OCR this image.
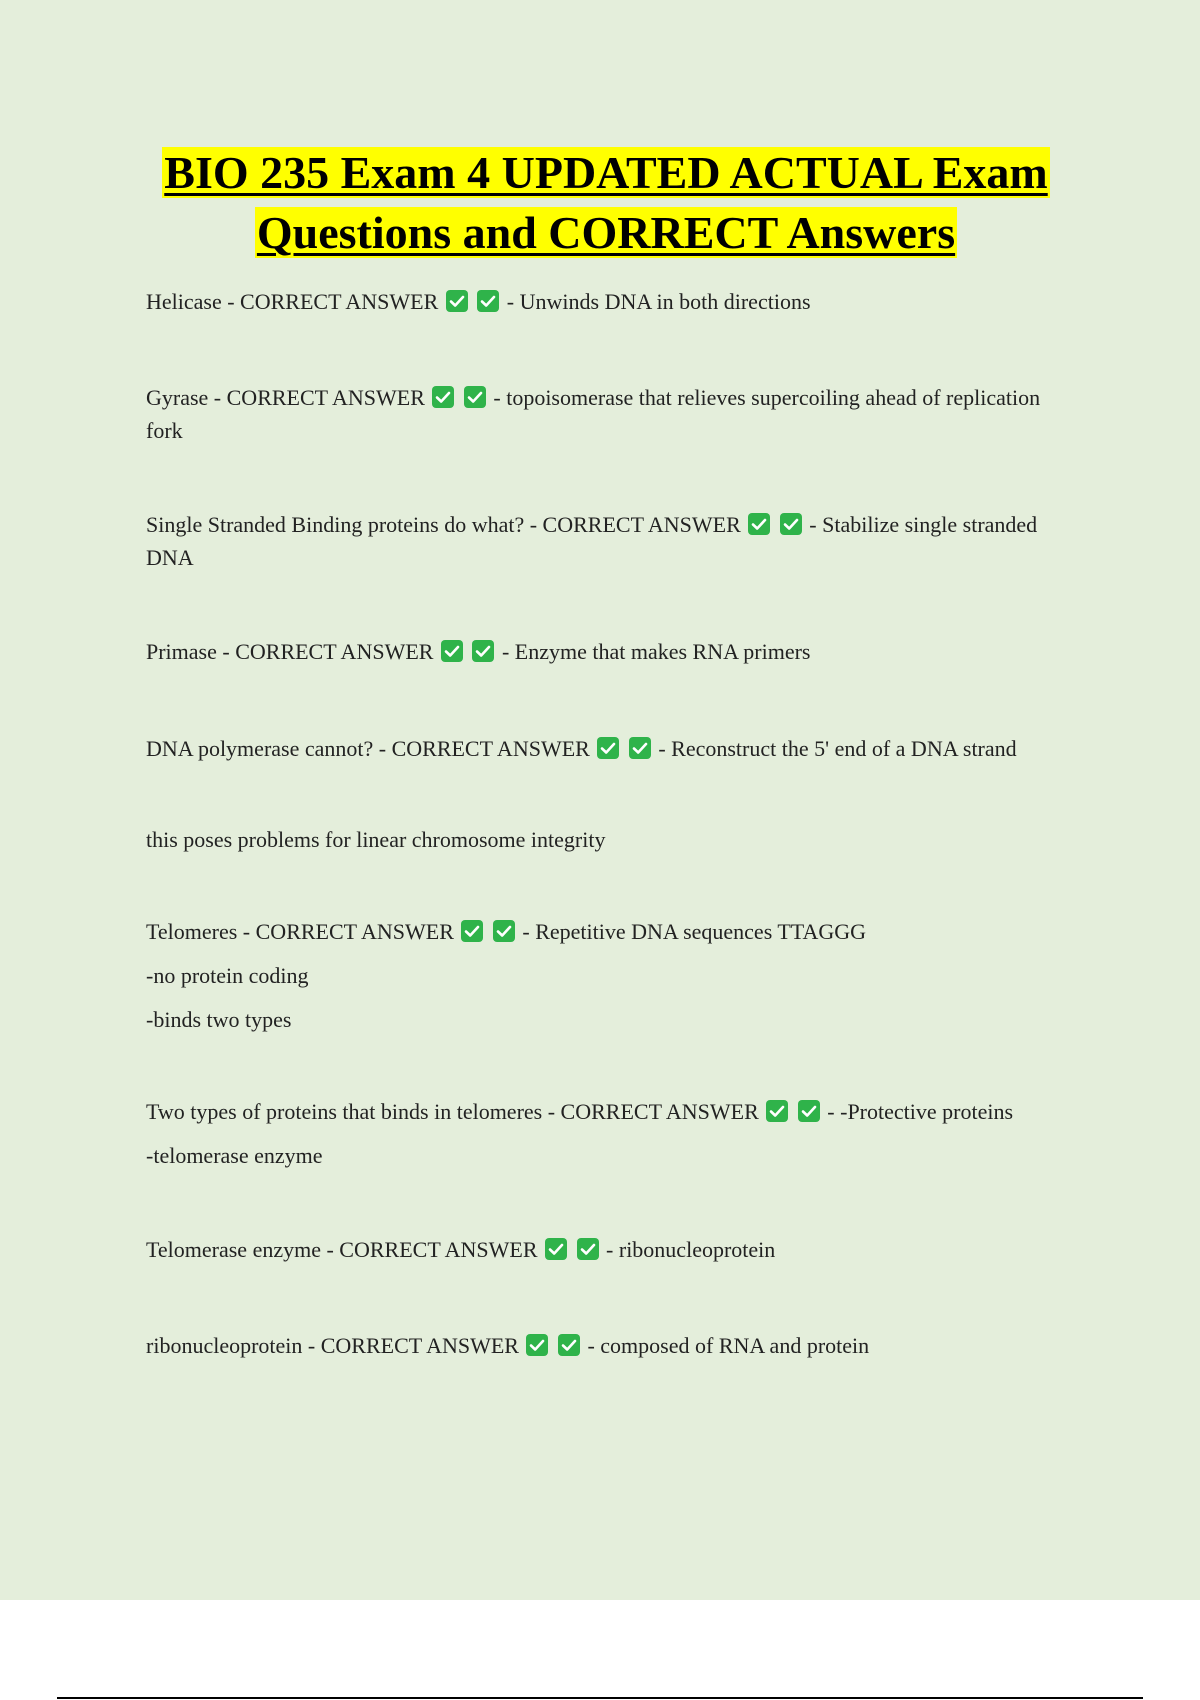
BIO 235 Exam 4 UPDATED ACTUAL Exam
Questions and CORRECT Answers

Helicase - CORRECT ANSWER
	- Unwinds DNA in both directions

Gyrase - CORRECT ANSWER
	- topoisomerase that relieves supercoiling ahead of replication fork

Single Stranded Binding proteins do what? - CORRECT ANSWER
	- Stabilize single stranded DNA

Primase - CORRECT ANSWER
	- Enzyme that makes RNA primers

DNA polymerase cannot? - CORRECT ANSWER
	- Reconstruct the 5' end of a DNA strand

this poses problems for linear chromosome integrity

Telomeres - CORRECT ANSWER
	- Repetitive DNA sequences TTAGGG

-no protein coding

-binds two types

Two types of proteins that binds in telomeres - CORRECT ANSWER
	- -Protective proteins

-telomerase enzyme

Telomerase enzyme - CORRECT ANSWER
	- ribonucleoprotein

ribonucleoprotein - CORRECT ANSWER
	- composed of RNA and protein
